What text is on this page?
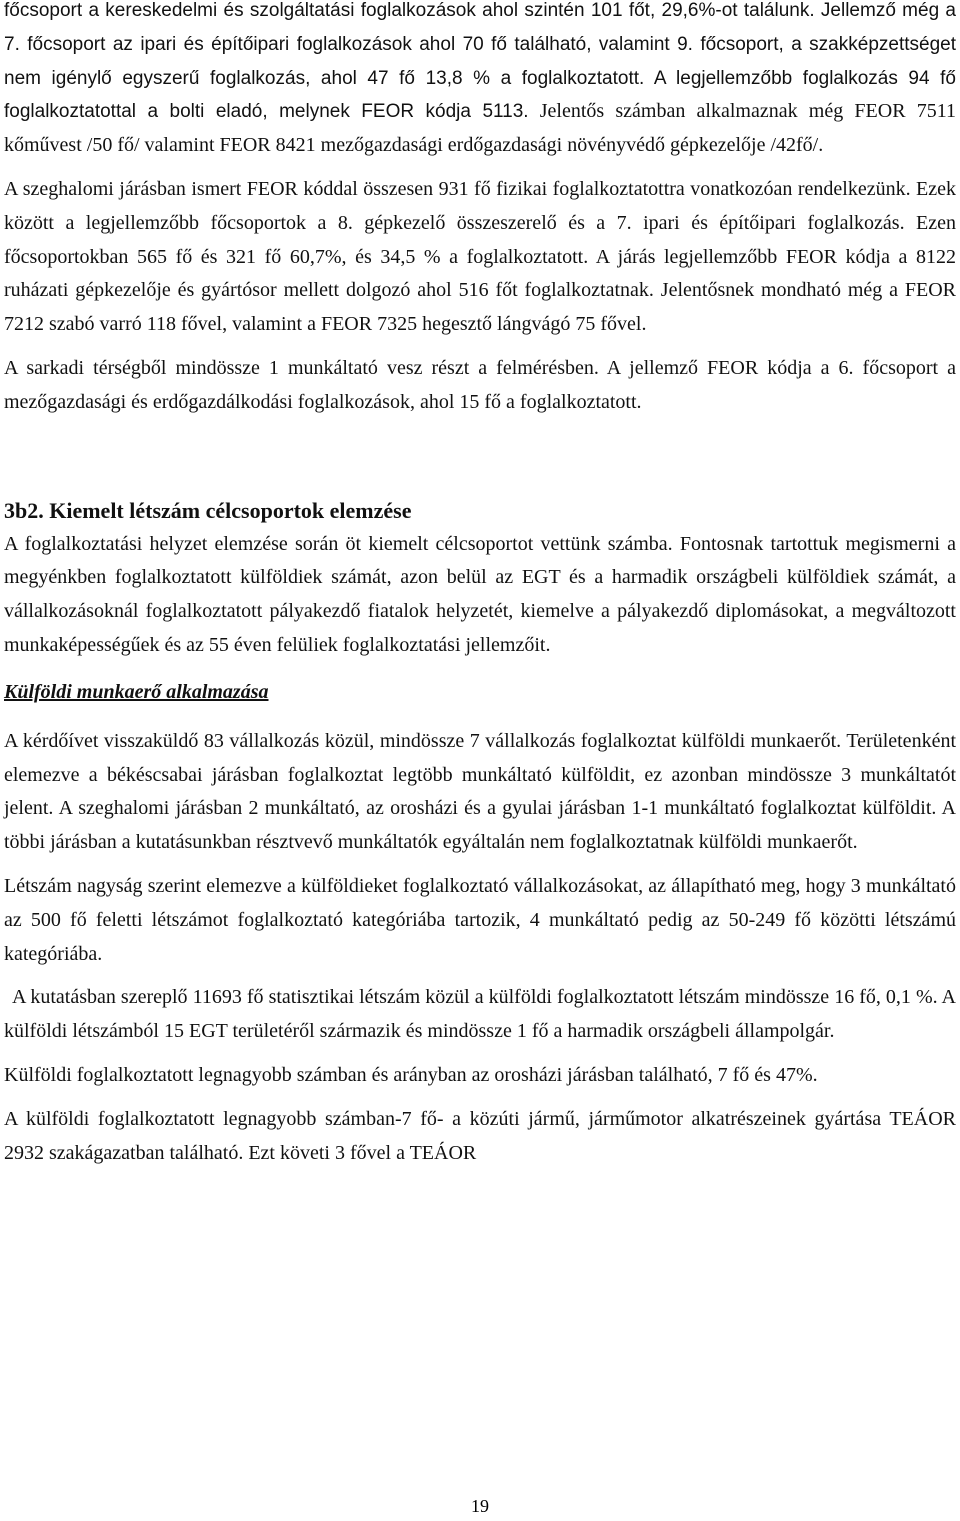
főcsoport a kereskedelmi és szolgáltatási foglalkozások ahol szintén 101 főt, 29,6%-ot találunk. Jellemző még a 7. főcsoport az ipari és építőipari foglalkozások ahol 70 fő található, valamint 9. főcsoport, a szakképzettséget nem igénylő egyszerű foglalkozás, ahol 47 fő 13,8 % a foglalkoztatott. A legjellemzőbb foglalkozás 94 fő foglalkoztatottal a bolti eladó, melynek FEOR kódja 5113. Jelentős számban alkalmaznak még FEOR 7511 kőművest /50 fő/ valamint FEOR 8421 mezőgazdasági erdőgazdasági növényvédő gépkezelője /42fő/.

A szeghalomi járásban ismert FEOR kóddal összesen 931 fő fizikai foglalkoztatottra vonatkozóan rendelkezünk. Ezek között a legjellemzőbb főcsoportok a 8. gépkezelő összeszerelő és a 7. ipari és építőipari foglalkozás. Ezen főcsoportokban 565 fő és 321 fő 60,7%, és 34,5 % a foglalkoztatott. A járás legjellemzőbb FEOR kódja a 8122 ruházati gépkezelője és gyártósor mellett dolgozó ahol 516 főt foglalkoztatnak. Jelentősnek mondható még a FEOR 7212 szabó varró 118 fővel, valamint a FEOR 7325 hegesztő lángvágó 75 fővel.

A sarkadi térségből mindössze 1 munkáltató vesz részt a felmérésben. A jellemző FEOR kódja a 6. főcsoport a mezőgazdasági és erdőgazdálkodási foglalkozások, ahol 15 fő a foglalkoztatott.

3b2. Kiemelt létszám célcsoportok elemzése

A foglalkoztatási helyzet elemzése során öt kiemelt célcsoportot vettünk számba. Fontosnak tartottuk megismerni a megyénkben foglalkoztatott külföldiek számát, azon belül az EGT és a harmadik országbeli külföldiek számát, a vállalkozásoknál foglalkoztatott pályakezdő fiatalok helyzetét, kiemelve a pályakezdő diplomásokat, a megváltozott munkaképességűek és az 55 éven felüliek foglalkoztatási jellemzőit.

Külföldi munkaerő alkalmazása

A kérdőívet visszaküldő 83 vállalkozás közül, mindössze 7 vállalkozás foglalkoztat külföldi munkaerőt. Területenként elemezve a békéscsabai járásban foglalkoztat legtöbb munkáltató külföldit, ez azonban mindössze 3 munkáltatót jelent. A szeghalomi járásban 2 munkáltató, az orosházi és a gyulai járásban 1-1 munkáltató foglalkoztat külföldit. A többi járásban a kutatásunkban résztvevő munkáltatók egyáltalán nem foglalkoztatnak külföldi munkaerőt.

Létszám nagyság szerint elemezve a külföldieket foglalkoztató vállalkozásokat, az állapítható meg, hogy 3 munkáltató az 500 fő feletti létszámot foglalkoztató kategóriába tartozik, 4 munkáltató pedig az 50-249 fő közötti létszámú kategóriába.

A kutatásban szereplő 11693 fő statisztikai létszám közül a külföldi foglalkoztatott létszám mindössze 16 fő, 0,1 %. A külföldi létszámból 15 EGT területéről származik és mindössze 1 fő a harmadik országbeli állampolgár.

Külföldi foglalkoztatott legnagyobb számban és arányban az orosházi járásban található, 7 fő és 47%.

A külföldi foglalkoztatott legnagyobb számban-7 fő- a közúti jármű, járműmotor alkatrészeinek gyártása TEÁOR 2932 szakágazatban található. Ezt követi 3 fővel a TEÁOR

19
